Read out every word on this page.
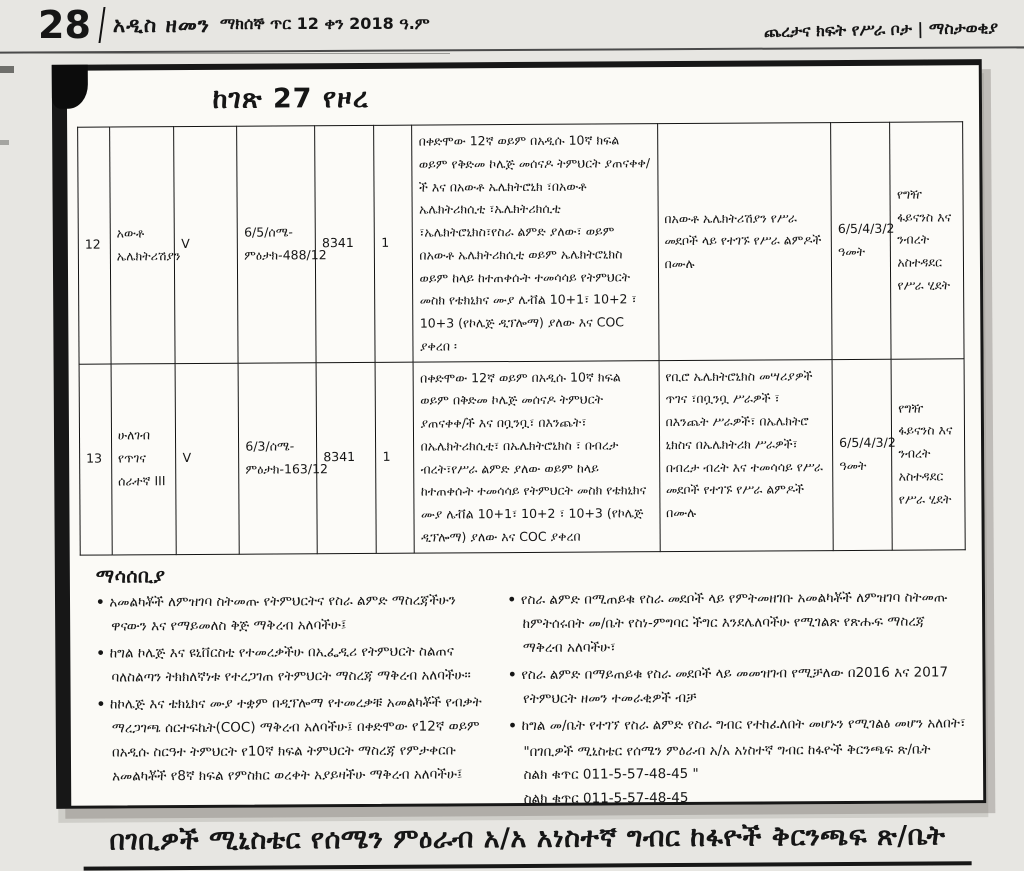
28 አዲስ ዘመን ማክሰኞ ጥር 12 ቀን 2018 ዓ.ም	ጨረታና ክፍት የሥራ ቦታ | ማስታወቂያ
ከገጽ 27 የዞረ
12	አውቶ ኤሌክትሪሽያን	V	6/5/ሰሜ-ምዕታክ-488/12	8341	1	በቀድሞው 12ኛ ወይም በአዲሱ 10ኛ ክፍል ወይም የቅድመ ኮሌጅ መሰናዶ ትምህርት ያጠናቀቀ/ች እና በአውቶ ኤሌክትሮኒክ ፣በአውቶ ኤሌክትሪክሲቲ ፣ኤሌክትሪክሲቲ ፣ኤሌክትሮኒክስ፣የስራ ልምድ ያለው፣ ወይም በአውቶ ኤሌክትሪክሲቲ ወይም ኤሌክትሮኒክስ ወይም ከላይ ከተጠቀሱት ተመሳሳይ የትምህርት መስክ የቴክኒክና ሙያ ሌቭል 10+1፣ 10+2 ፣ 10+3 (የኮሌጅ ዲፕሎማ) ያለው እና COC ያቀረበ ፡	በአውቶ ኤሌክትሪሽያን የሥራ መደቦች ላይ የተገኙ የሥራ ልምዶች በሙሉ	6/5/4/3/2 ዓመት	የግዥ ፋይናንስ እና ንብረት አስተዳደር የሥራ ሂደት
13	ሁለገብ የጥገና ሰራተኛ III	V	6/3/ሰሜ-ምዕታክ-163/12	8341	1	በቀድሞው 12ኛ ወይም በአዲሱ 10ኛ ክፍል ወይም በቅድመ ኮሌጅ መሰናዶ ትምህርት ያጠናቀቀ/ች እና በቧንቧ፣ በእንጨት፣ በኤሌክትሪክሲቲ፣ በኤሌክትሮኒክስ ፣ በብረታ ብረት፣የሥራ ልምድ ያለው ወይም ከላይ ከተጠቀሱት ተመሳሳይ የትምህርት መስክ የቴክኒክና ሙያ ሌቭል 10+1፣ 10+2 ፣ 10+3 (የኮሌጅ ዲፕሎማ) ያለው እና COC ያቀረበ	የቢሮ ኤሌክትሮኒክስ መሣሪያዎች ጥገና ፣በቧንቧ ሥራዎች ፣ በእንጨት ሥራዎች፣ በኤሌክትሮ ኒክስና በኤሌክትሪክ ሥራዎች፣ በብረታ ብረት እና ተመሳሳይ የሥራ መደቦች የተገኙ የሥራ ልምዶች በሙሉ	6/5/4/3/2 ዓመት	የግዥ ፋይናንስ እና ንብረት አስተዳደር የሥራ ሂደት
ማሳሰቢያ
• አመልካቾች ለምዝገባ ስትመጡ የትምህርትና የስራ ልምድ ማስረጃችሁን ዋናውን እና የማይመለስ ቅጅ ማቅረብ አለባችሁ፤
• ከግል ኮሌጅ እና ዩኒቨርስቲ የተመረቃችሁ በኢፌዲሪ የትምህርት ስልጠና ባለስልጣን ትክክለኛነቱ የተረጋገጠ የትምህርት ማስረጃ ማቅረብ አለባችሁ።
• ከኮሌጅ እና ቴክኒክና ሙያ ተቋም በዲፕሎማ የተመረቃቹ አመልካቾች የብቃት ማረጋገጫ ሰርተፍኬት(COC) ማቅረብ አለባችሁ፤ በቀድሞው የ12ኛ ወይም በአዲሱ ስርዓተ ትምህርት የ10ኛ ክፍል ትምህርት ማስረጃ የምታቀርቡ አመልካቾች የ8ኛ ክፍል የምስክር ወረቀት አያይዛችሁ ማቅረብ አለባችሁ፤
• የስራ ልምድ በሚጠይቁ የስራ መደቦች ላይ የምትመዘገቡ አመልካቾች ለምዝገባ ስትመጡ ከምትሰሩበት መ/ቤት የስነ-ምግባር ችግር እንደሌለባችሁ የሚገልጽ የጽሑፍ ማስረጃ ማቅረብ አለባችሁ፣
• የስራ ልምድ በማይጠይቁ የስራ መደቦች ላይ መመዝገብ የሚቻለው በ2016 እና 2017 የትምህርት ዘመን ተመራቂዎች ብቻ
• ከግል መ/ቤት የተገኘ የስራ ልምድ የስራ ግብር የተከፈለበት መሆኑን የሚገልፅ መሆን አለበት፣
"በገቢዎች ሚኒስቴር የሰሜን ምዕራብ አ/አ አነስተኛ ግብር ከፋዮች ቅርንጫፍ ጽ/ቤት
ስልክ ቁጥር 011-5-57-48-45 "
ስልክ ቁጥር 011-5-57-48-45
በገቢዎች ሚኒስቴር የሰሜን ምዕራብ አ/አ አነስተኛ ግብር ከፋዮች ቅርንጫፍ ጽ/ቤት
